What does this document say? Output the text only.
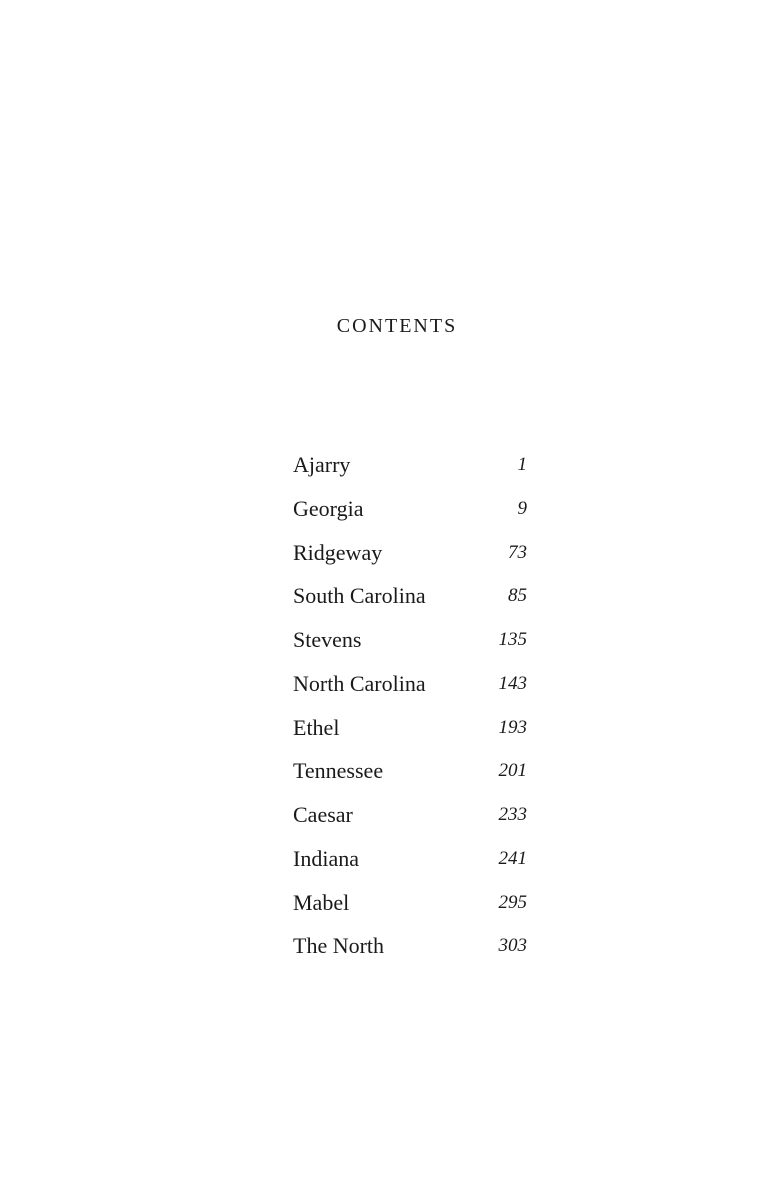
CONTENTS
Ajarry	1
Georgia	9
Ridgeway	73
South Carolina	85
Stevens	135
North Carolina	143
Ethel	193
Tennessee	201
Caesar	233
Indiana	241
Mabel	295
The North	303
